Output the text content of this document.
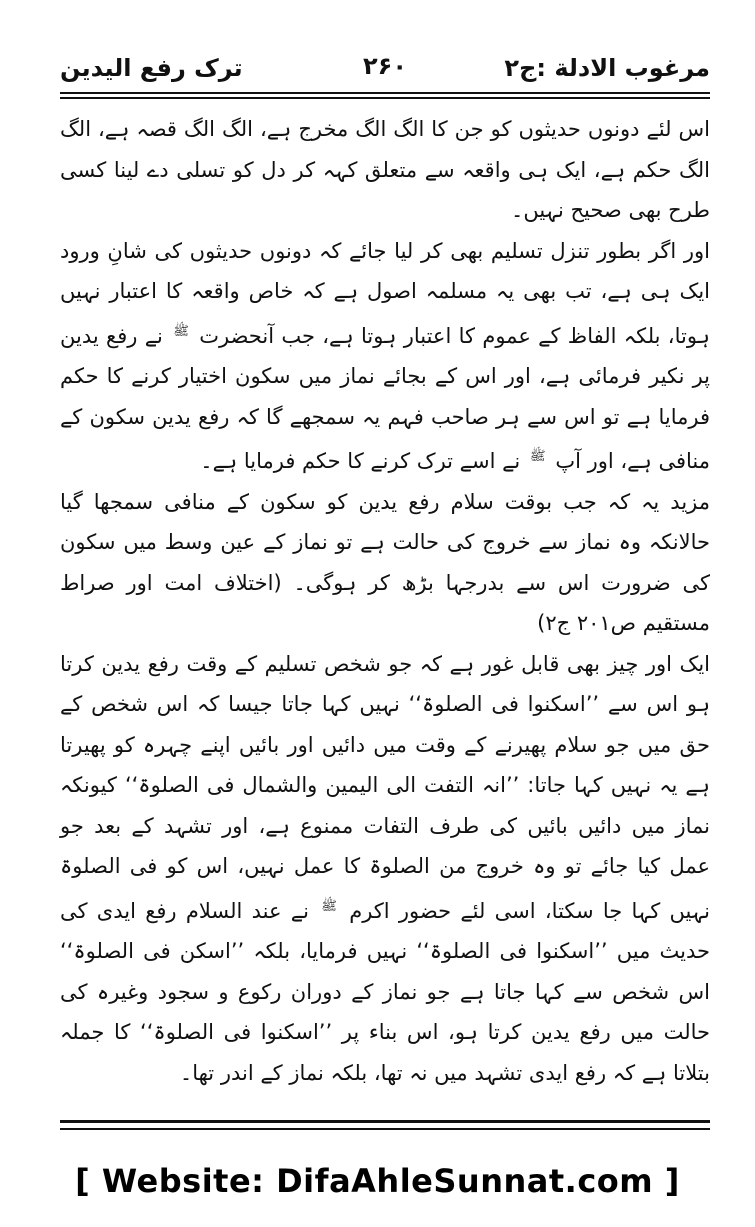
مرغوب الادلة :ج۲
۲۶۰
ترک رفع الیدین

اس لئے دونوں حدیثوں کو جن کا الگ الگ مخرج ہے، الگ الگ قصہ ہے، الگ الگ حکم ہے، ایک ہی واقعہ سے متعلق کہہ کر دل کو تسلی دے لینا کسی طرح بھی صحیح نہیں۔

اور اگر بطور تنزل تسلیم بھی کر لیا جائے کہ دونوں حدیثوں کی شانِ ورود ایک ہی ہے، تب بھی یہ مسلمہ اصول ہے کہ خاص واقعہ کا اعتبار نہیں ہوتا، بلکہ الفاظ کے عموم کا اعتبار ہوتا ہے، جب آنحضرت $^ﷺ$ نے رفع یدین پر نکیر فرمائی ہے، اور اس کے بجائے نماز میں سکون اختیار کرنے کا حکم فرمایا ہے تو اس سے ہر صاحب فہم یہ سمجھے گا کہ رفع یدین سکون کے منافی ہے، اور آپ $^ﷺ$ نے اسے ترک کرنے کا حکم فرمایا ہے۔

مزید یہ کہ جب بوقت سلام رفع یدین کو سکون کے منافی سمجھا گیا حالانکہ وہ نماز سے خروج کی حالت ہے تو نماز کے عین وسط میں سکون کی ضرورت اس سے بدرجہا بڑھ کر ہوگی۔ (اختلاف امت اور صراط مستقیم ص۲۰۱ ج۲)

ایک اور چیز بھی قابل غور ہے کہ جو شخص تسلیم کے وقت رفع یدین کرتا ہو اس سے ’’اسکنوا فی الصلوۃ‘‘ نہیں کہا جاتا جیسا کہ اس شخص کے حق میں جو سلام پھیرنے کے وقت میں دائیں اور بائیں اپنے چہرہ کو پھیرتا ہے یہ نہیں کہا جاتا: ’’انہ التفت الی الیمین والشمال فی الصلوۃ‘‘ کیونکہ نماز میں دائیں بائیں کی طرف التفات ممنوع ہے، اور تشہد کے بعد جو عمل کیا جائے تو وہ خروج من الصلوۃ کا عمل نہیں، اس کو فی الصلوۃ نہیں کہا جا سکتا، اسی لئے حضور اکرم $^ﷺ$ نے عند السلام رفع ایدی کی حدیث میں ’’اسکنوا فی الصلوۃ‘‘ نہیں فرمایا، بلکہ ’’اسکن فی الصلوۃ‘‘ اس شخص سے کہا جاتا ہے جو نماز کے دوران رکوع و سجود وغیرہ کی حالت میں رفع یدین کرتا ہو، اس بناء پر ’’اسکنوا فی الصلوۃ‘‘ کا جملہ بتلاتا ہے کہ رفع ایدی تشہد میں نہ تھا، بلکہ نماز کے اندر تھا۔

[ Website: DifaAhleSunnat.com ]
